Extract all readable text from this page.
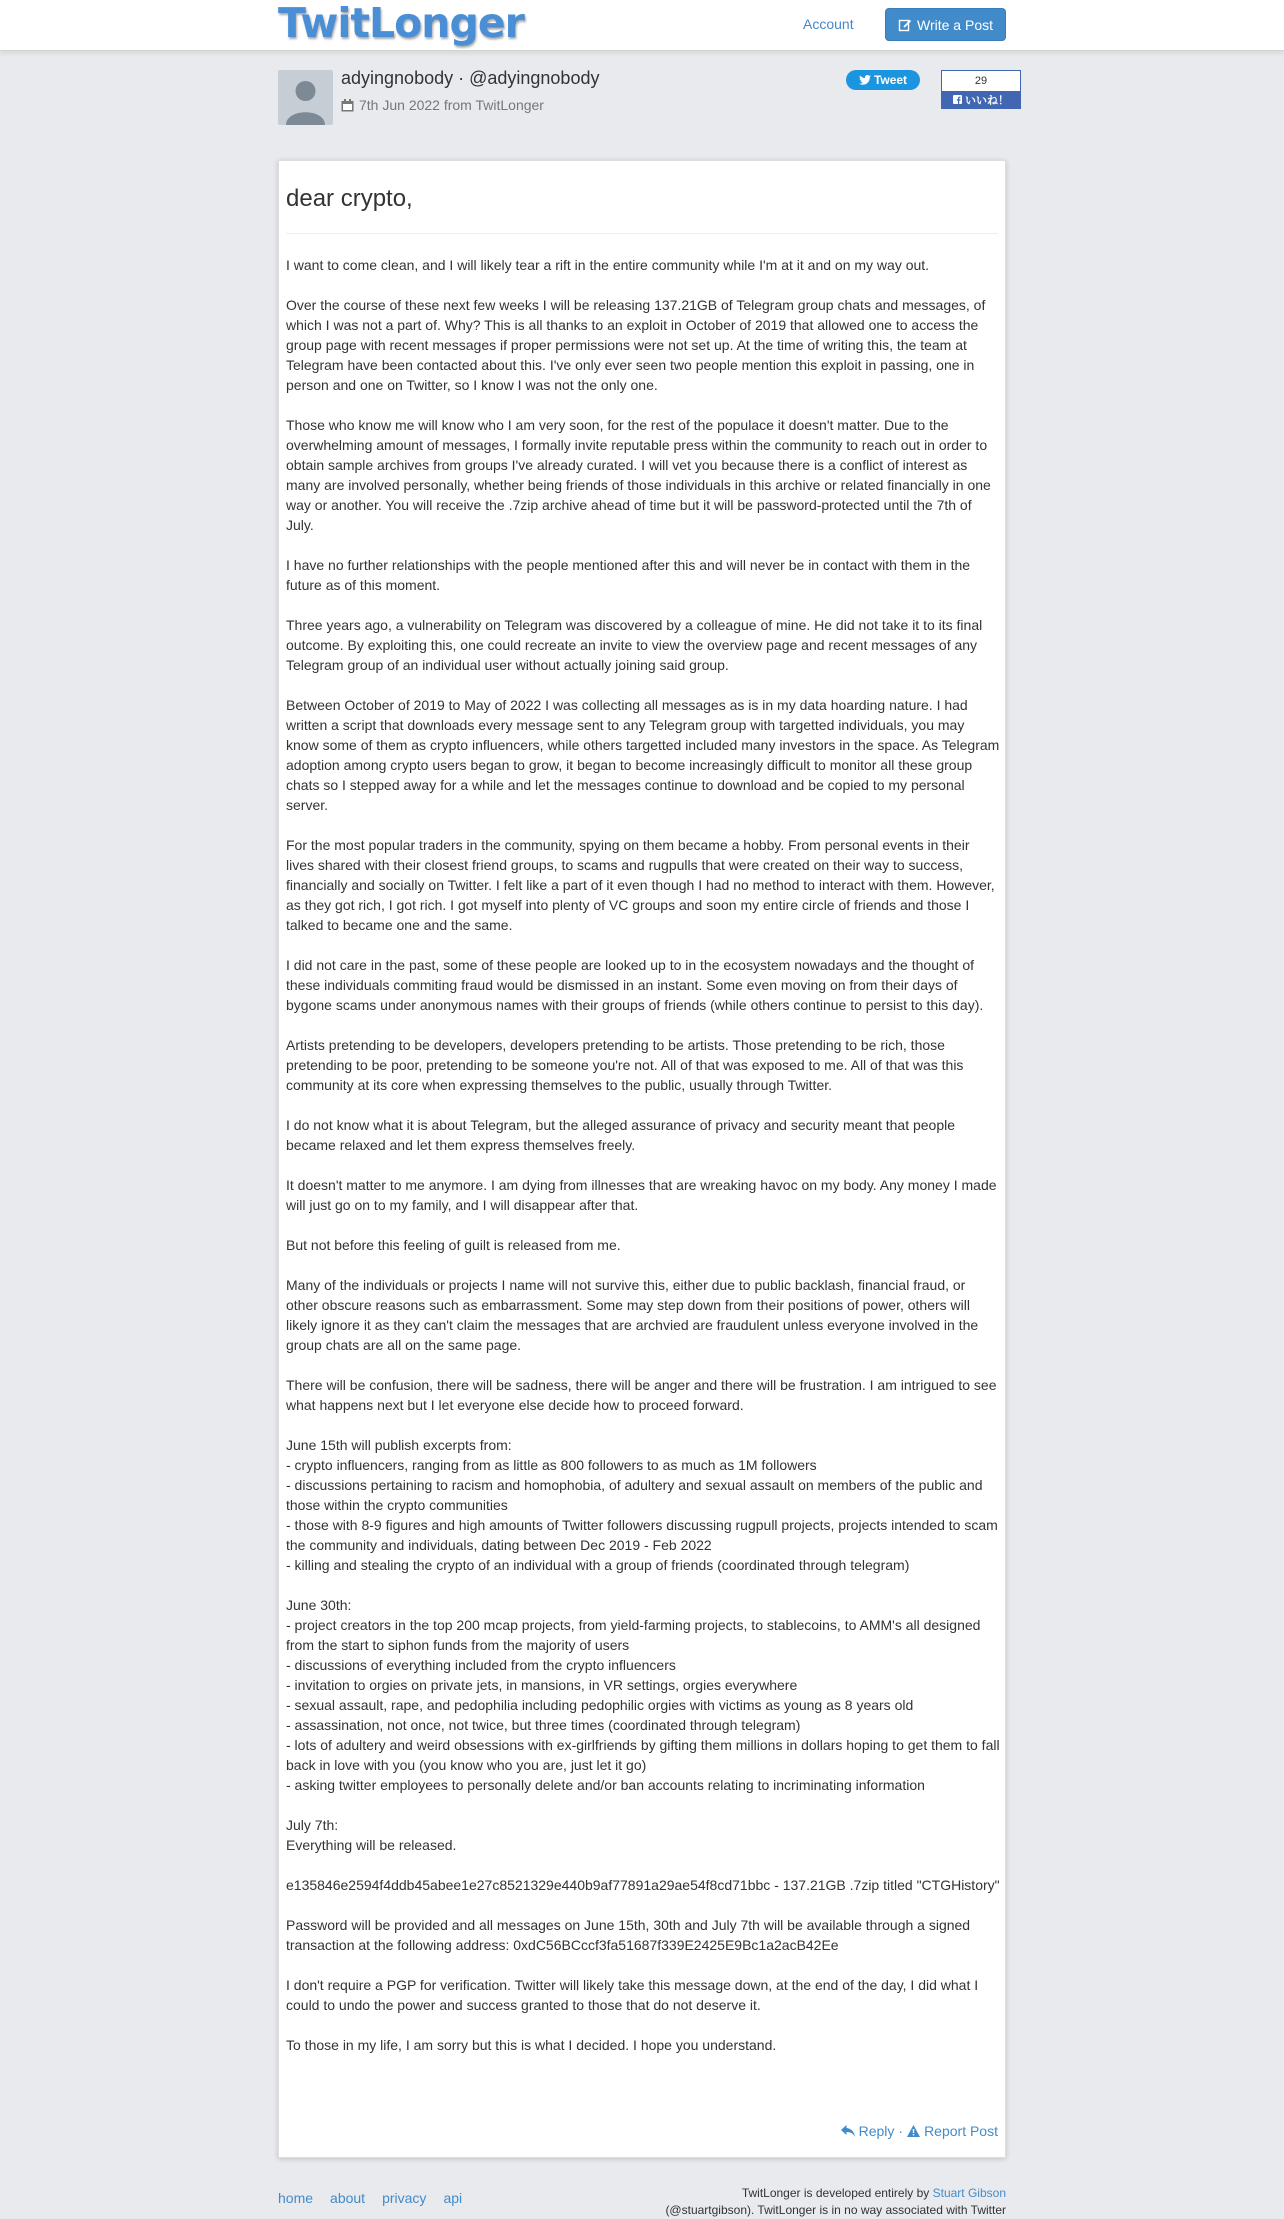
TwitLonger	Account	Write a Post
adyingnobody · @adyingnobody
7th Jun 2022 from TwitLonger
Tweet	29
いいね！
dear crypto,

I want to come clean, and I will likely tear a rift in the entire community while I'm at it and on my way out.

Over the course of these next few weeks I will be releasing 137.21GB of Telegram group chats and messages, of which I was not a part of. Why? This is all thanks to an exploit in October of 2019 that allowed one to access the group page with recent messages if proper permissions were not set up. At the time of writing this, the team at Telegram have been contacted about this. I've only ever seen two people mention this exploit in passing, one in person and one on Twitter, so I know I was not the only one.

Those who know me will know who I am very soon, for the rest of the populace it doesn't matter. Due to the overwhelming amount of messages, I formally invite reputable press within the community to reach out in order to obtain sample archives from groups I've already curated. I will vet you because there is a conflict of interest as many are involved personally, whether being friends of those individuals in this archive or related financially in one way or another. You will receive the .7zip archive ahead of time but it will be password-protected until the 7th of July.

I have no further relationships with the people mentioned after this and will never be in contact with them in the future as of this moment.

Three years ago, a vulnerability on Telegram was discovered by a colleague of mine. He did not take it to its final outcome. By exploiting this, one could recreate an invite to view the overview page and recent messages of any Telegram group of an individual user without actually joining said group.

Between October of 2019 to May of 2022 I was collecting all messages as is in my data hoarding nature. I had written a script that downloads every message sent to any Telegram group with targetted individuals, you may know some of them as crypto influencers, while others targetted included many investors in the space. As Telegram adoption among crypto users began to grow, it began to become increasingly difficult to monitor all these group chats so I stepped away for a while and let the messages continue to download and be copied to my personal server.

For the most popular traders in the community, spying on them became a hobby. From personal events in their lives shared with their closest friend groups, to scams and rugpulls that were created on their way to success, financially and socially on Twitter. I felt like a part of it even though I had no method to interact with them. However, as they got rich, I got rich. I got myself into plenty of VC groups and soon my entire circle of friends and those I talked to became one and the same.

I did not care in the past, some of these people are looked up to in the ecosystem nowadays and the thought of these individuals commiting fraud would be dismissed in an instant. Some even moving on from their days of bygone scams under anonymous names with their groups of friends (while others continue to persist to this day).

Artists pretending to be developers, developers pretending to be artists. Those pretending to be rich, those pretending to be poor, pretending to be someone you're not. All of that was exposed to me. All of that was this community at its core when expressing themselves to the public, usually through Twitter.

I do not know what it is about Telegram, but the alleged assurance of privacy and security meant that people became relaxed and let them express themselves freely.

It doesn't matter to me anymore. I am dying from illnesses that are wreaking havoc on my body. Any money I made will just go on to my family, and I will disappear after that.

But not before this feeling of guilt is released from me.

Many of the individuals or projects I name will not survive this, either due to public backlash, financial fraud, or other obscure reasons such as embarrassment. Some may step down from their positions of power, others will likely ignore it as they can't claim the messages that are archvied are fraudulent unless everyone involved in the group chats are all on the same page.

There will be confusion, there will be sadness, there will be anger and there will be frustration. I am intrigued to see what happens next but I let everyone else decide how to proceed forward.

June 15th will publish excerpts from:
- crypto influencers, ranging from as little as 800 followers to as much as 1M followers
- discussions pertaining to racism and homophobia, of adultery and sexual assault on members of the public and those within the crypto communities
- those with 8-9 figures and high amounts of Twitter followers discussing rugpull projects, projects intended to scam the community and individuals, dating between Dec 2019 - Feb 2022
- killing and stealing the crypto of an individual with a group of friends (coordinated through telegram)

June 30th:
- project creators in the top 200 mcap projects, from yield-farming projects, to stablecoins, to AMM's all designed from the start to siphon funds from the majority of users
- discussions of everything included from the crypto influencers
- invitation to orgies on private jets, in mansions, in VR settings, orgies everywhere
- sexual assault, rape, and pedophilia including pedophilic orgies with victims as young as 8 years old
- assassination, not once, not twice, but three times (coordinated through telegram)
- lots of adultery and weird obsessions with ex-girlfriends by gifting them millions in dollars hoping to get them to fall back in love with you (you know who you are, just let it go)
- asking twitter employees to personally delete and/or ban accounts relating to incriminating information

July 7th:
Everything will be released.

e135846e2594f4ddb45abee1e27c8521329e440b9af77891a29ae54f8cd71bbc - 137.21GB .7zip titled "CTGHistory"

Password will be provided and all messages on June 15th, 30th and July 7th will be available through a signed transaction at the following address: 0xdC56BCccf3fa51687f339E2425E9Bc1a2acB42Ee

I don't require a PGP for verification. Twitter will likely take this message down, at the end of the day, I did what I could to undo the power and success granted to those that do not deserve it.

To those in my life, I am sorry but this is what I decided. I hope you understand.

Reply · Report Post
home about privacy api	TwitLonger is developed entirely by Stuart Gibson
(@stuartgibson). TwitLonger is in no way associated with Twitter
